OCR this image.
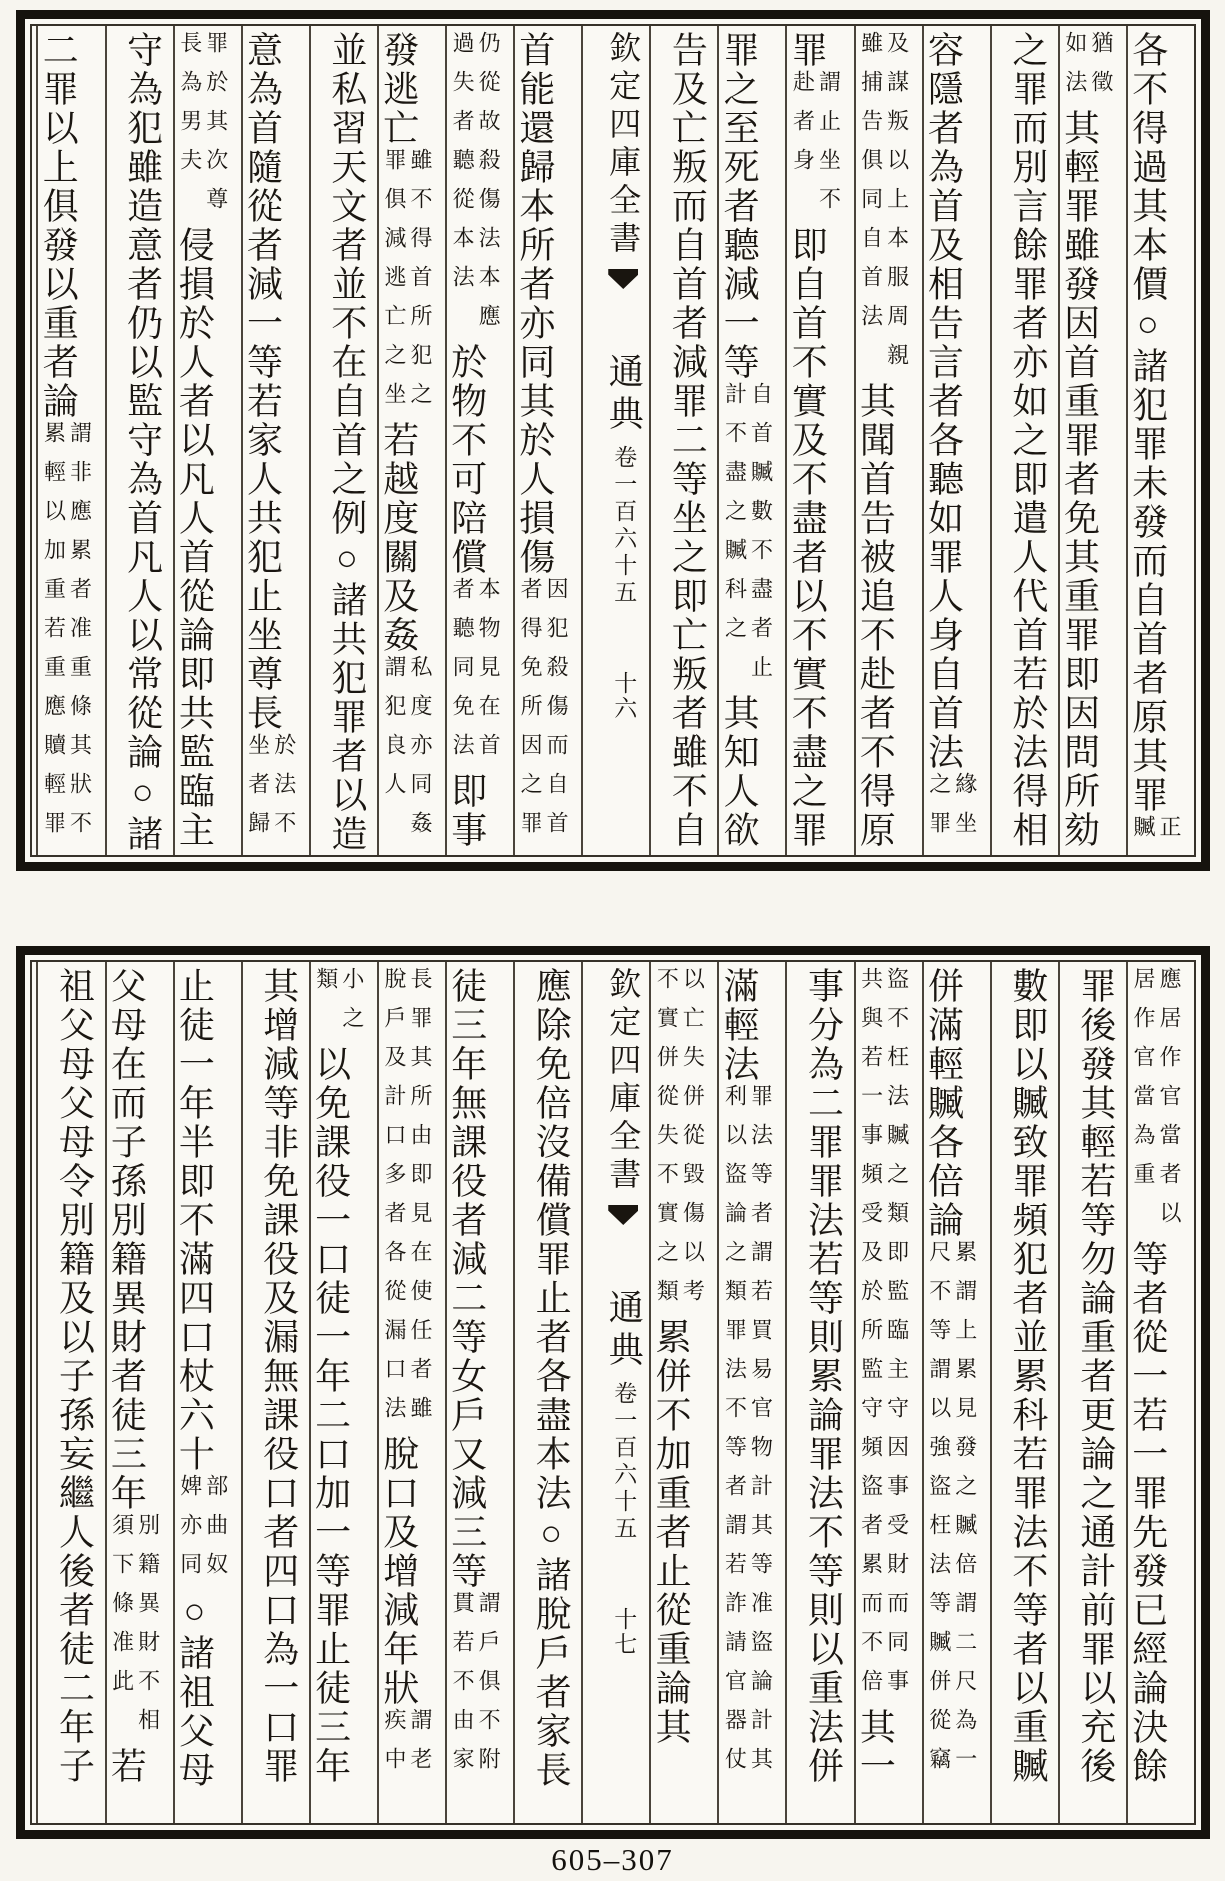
各不得過其本價○諸犯罪未發而自首者原其罪
正
贓
猶徵
如法
其輕罪雖發因首重罪者免其重罪即因問所劾
之罪而別言餘罪者亦如之即遣人代首若於法得相
容隱者為首及相告言者各聽如罪人身自首法
緣坐
之罪
及謀叛以上本服周親
雖捕告俱同自首法
其聞首告被追不赴者不得原
罪
謂止坐不
赴者身
即自首不實及不盡者以不實不盡之罪
罪之至死者聽減一等
自首贓數不盡者止
計不盡之贓科之
其知人欲
告及亡叛而自首者減罪二等坐之即亡叛者雖不自
欽定四庫全書通典卷一百六十五十六
首能還歸本所者亦同其於人損傷
因犯殺傷而自首
者得免所因之罪
仍從故殺傷法本應
過失者聽從本法
於物不可陪償
本物見在首
者聽同免法
即事
發逃亡
雖不得首所犯之
罪俱減逃亡之坐
若越度關及姦
私度亦同姦
謂犯良人
並私習天文者並不在自首之例○諸共犯罪者以造
意為首隨從者減一等若家人共犯止坐尊長
於法不
坐者歸
罪於其次尊
長為男夫
侵損於人者以凡人首從論即共監臨主
守為犯雖造意者仍以監守為首凡人以常從論○諸
二罪以上俱發以重者論
謂非應累者准重條其狀不
累輕以加重若重應贖輕罪
應居作官當者以
居作官當為重
等者從一若一罪先發已經論決餘
罪後發其輕若等勿論重者更論之通計前罪以充後
數即以贓致罪頻犯者並累科若罪法不等者以重贓
併滿輕贓各倍論
累謂上累見發之贓倍謂二尺為一
尺不等謂以強盜枉法等贓併從竊
盜不枉法贓之類即監臨主守因事受財而同事
共與若一事頻受及於所監守頻盜者累而不倍
其一
事分為二罪罪法若等則累論罪法不等則以重法併
滿輕法
罪法等者謂若買易官物計其等准盜論計其
利以盜論之類罪法不等者謂若詐請官器仗
以亡失併從毀傷以考
不實併從失不實之類
累併不加重者止從重論其
欽定四庫全書通典卷一百六十五十七
應除免倍沒備償罪止者各盡本法○諸脫戶者家長
徒三年無課役者減二等女戶又減三等
謂戶俱不附
貫若不由家
長罪其所由即見在使任者雖
脫戶及計口多者各從漏口法
脫口及增減年狀
謂老
疾中
小之
類
以免課役一口徒一年二口加一等罪止徒三年
其增減等非免課役及漏無課役口者四口為一口罪
止徒一年半即不滿四口杖六十
部曲奴
婢亦同
○諸祖父母
父母在而子孫別籍異財者徒三年
別籍異財不相
須下條准此
若
祖父母父母令別籍及以子孫妄繼人後者徒二年子
605–307
